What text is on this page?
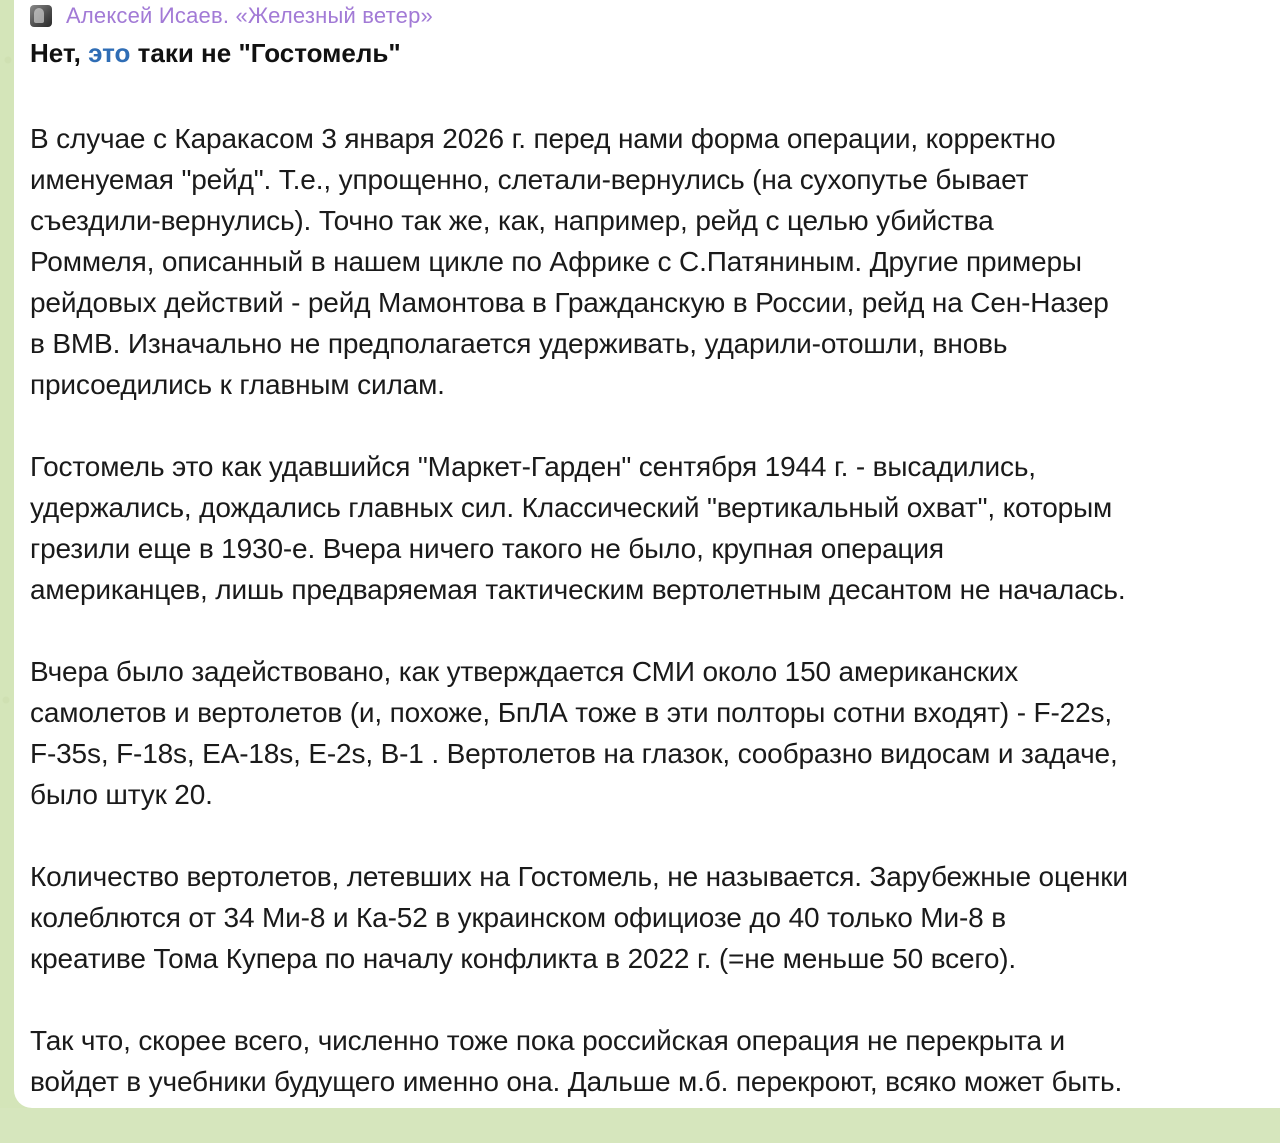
Алексей Исаев. «Железный ветер»
Нет, это таки не "Гостомель"
В случае с Каракасом 3 января 2026 г. перед нами форма операции, корректно
именуемая "рейд". Т.е., упрощенно, слетали-вернулись (на сухопутье бывает
съездили-вернулись). Точно так же, как, например, рейд с целью убийства
Роммеля, описанный в нашем цикле по Африке с С.Патяниным. Другие примеры
рейдовых действий - рейд Мамонтова в Гражданскую в России, рейд на Сен-Назер
в ВМВ. Изначально не предполагается удерживать, ударили-отошли, вновь
присоедились к главным силам.
Гостомель это как удавшийся "Маркет-Гарден" сентября 1944 г. - высадились,
удержались, дождались главных сил. Классический "вертикальный охват", которым
грезили еще в 1930-е. Вчера ничего такого не было, крупная операция
американцев, лишь предваряемая тактическим вертолетным десантом не началась.
Вчера было задействовано, как утверждается СМИ около 150 американских
самолетов и вертолетов (и, похоже, БпЛА тоже в эти полторы сотни входят) - F-22s,
F-35s, F-18s, EA-18s, E-2s, B-1 . Вертолетов на глазок, сообразно видосам и задаче,
было штук 20.
Количество вертолетов, летевших на Гостомель, не называется. Зарубежные оценки
колеблются от 34 Ми-8 и Ка-52 в украинском официозе до 40 только Ми-8 в
креативе Тома Купера по началу конфликта в 2022 г. (=не меньше 50 всего).
Так что, скорее всего, численно тоже пока российская операция не перекрыта и
войдет в учебники будущего именно она. Дальше м.б. перекроют, всяко может быть.
